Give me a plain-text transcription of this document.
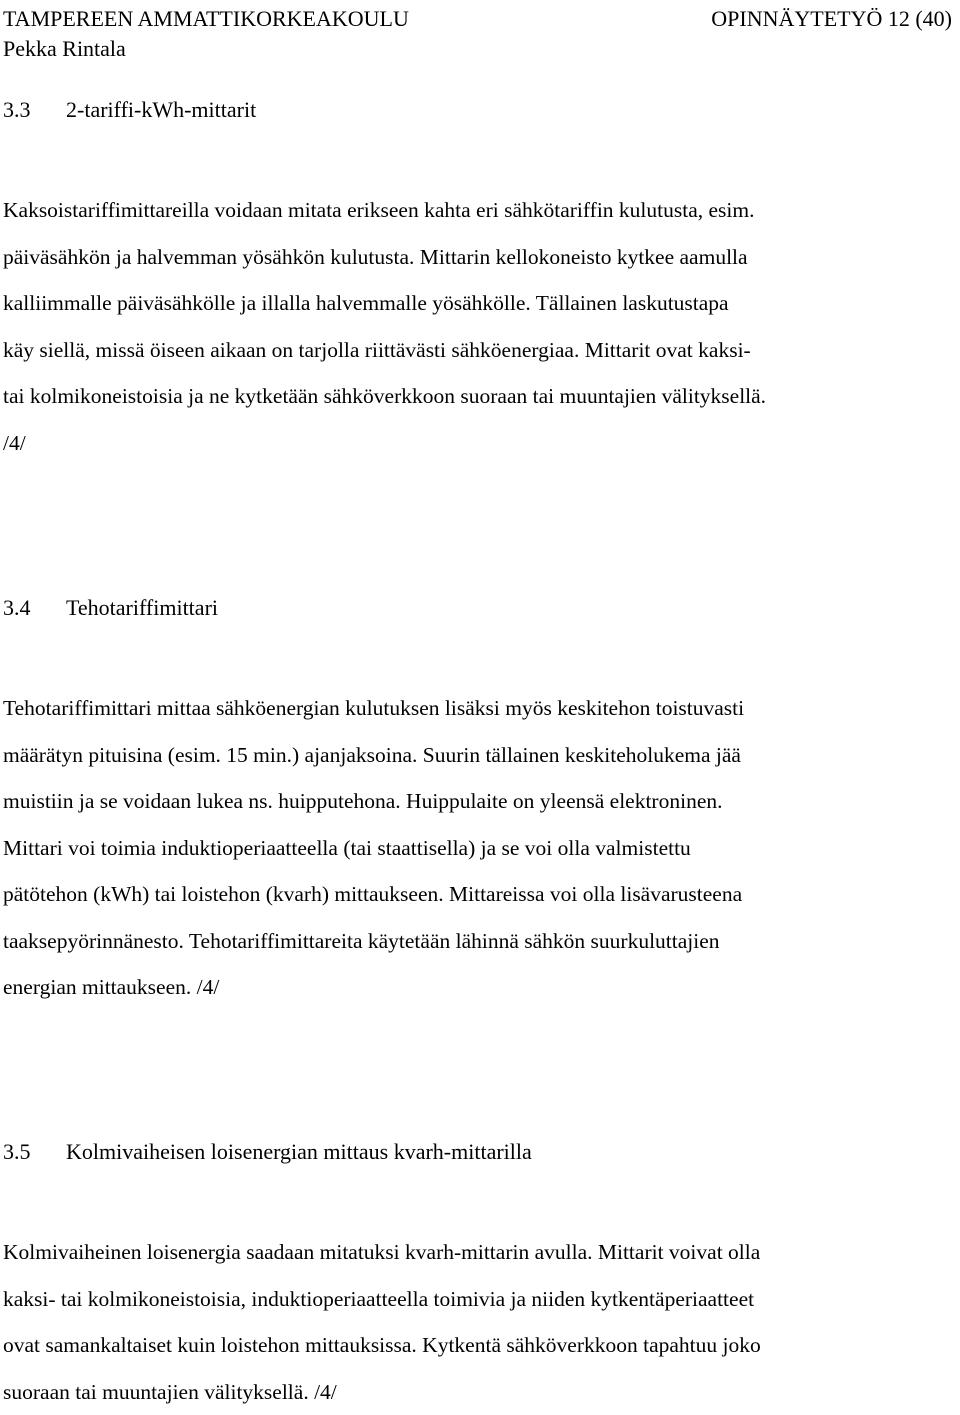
TAMPEREEN AMMATTIKORKEAKOULU	OPINNÄYTETYÖ 12 (40)
Pekka Rintala
3.3 2-tariffi-kWh-mittarit
Kaksoistariffimittareilla voidaan mitata erikseen kahta eri sähkötariffin kulutusta, esim.
päiväsähkön ja halvemman yösähkön kulutusta. Mittarin kellokoneisto kytkee aamulla
kalliimmalle päiväsähkölle ja illalla halvemmalle yösähkölle. Tällainen laskutustapa
käy siellä, missä öiseen aikaan on tarjolla riittävästi sähköenergiaa. Mittarit ovat kaksi-
tai kolmikoneistoisia ja ne kytketään sähköverkkoon suoraan tai muuntajien välityksellä.
/4/
3.4 Tehotariffimittari
Tehotariffimittari mittaa sähköenergian kulutuksen lisäksi myös keskitehon toistuvasti
määrätyn pituisina (esim. 15 min.) ajanjaksoina. Suurin tällainen keskiteholukema jää
muistiin ja se voidaan lukea ns. huipputehona. Huippulaite on yleensä elektroninen.
Mittari voi toimia induktioperiaatteella (tai staattisella) ja se voi olla valmistettu
pätötehon (kWh) tai loistehon (kvarh) mittaukseen. Mittareissa voi olla lisävarusteena
taaksepyörinnänesto. Tehotariffimittareita käytetään lähinnä sähkön suurkuluttajien
energian mittaukseen. /4/
3.5 Kolmivaiheisen loisenergian mittaus kvarh-mittarilla
Kolmivaiheinen loisenergia saadaan mitatuksi kvarh-mittarin avulla. Mittarit voivat olla
kaksi- tai kolmikoneistoisia, induktioperiaatteella toimivia ja niiden kytkentäperiaatteet
ovat samankaltaiset kuin loistehon mittauksissa. Kytkentä sähköverkkoon tapahtuu joko
suoraan tai muuntajien välityksellä. /4/
